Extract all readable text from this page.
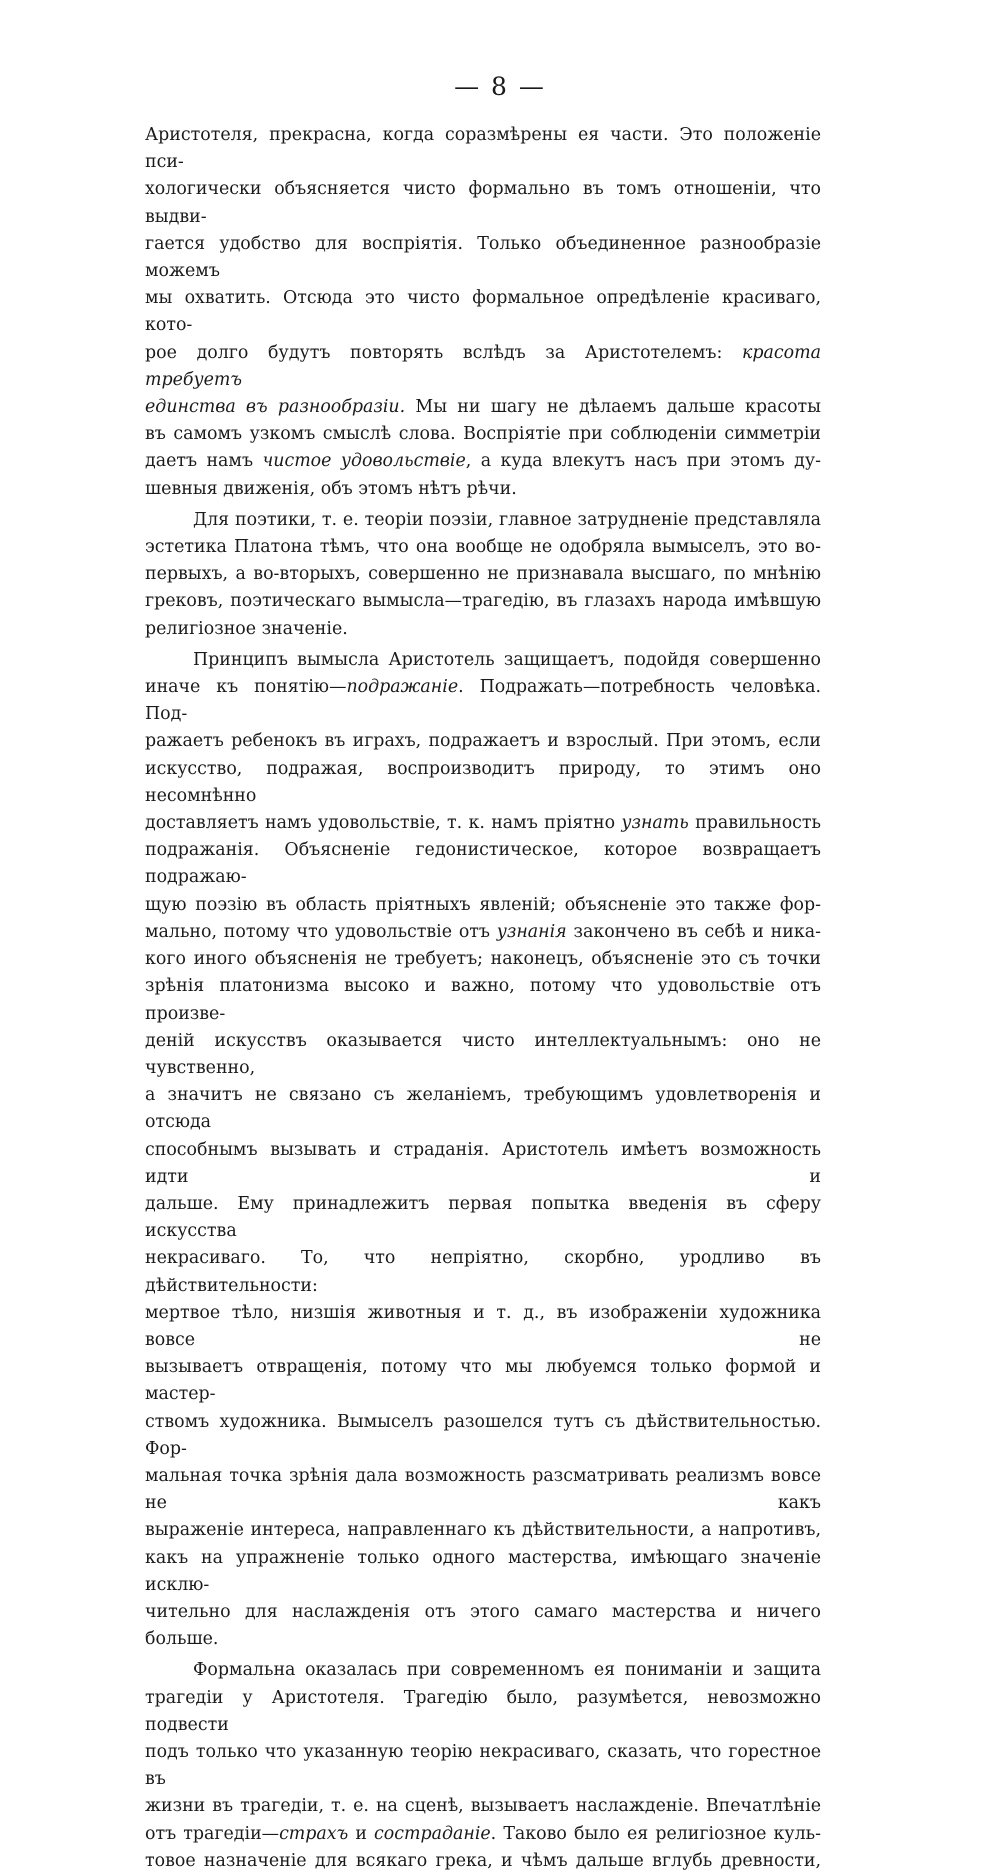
— 8 —

Аристотеля, прекрасна, когда соразмѣрены ея части. Это положеніе пси-

хологически объясняется чисто формально въ томъ отношеніи, что выдви-

гается удобство для воспріятія. Только объединенное разнообразіе можемъ

мы охватить. Отсюда это чисто формальное опредѣленіе красиваго, кото-

рое долго будутъ повторять вслѣдъ за Аристотелемъ: красота требуетъ

единства въ разнообразіи. Мы ни шагу не дѣлаемъ дальше красоты

въ самомъ узкомъ смыслѣ слова. Воспріятіе при соблюденіи симметріи

даетъ намъ чистое удовольствіе, а куда влекутъ насъ при этомъ ду-

шевныя движенія, объ этомъ нѣтъ рѣчи.

Для поэтики, т. е. теоріи поэзіи, главное затрудненіе представляла

эстетика Платона тѣмъ, что она вообще не одобряла вымыселъ, это во-

первыхъ, а во-вторыхъ, совершенно не признавала высшаго, по мнѣнію

грековъ, поэтическаго вымысла—трагедію, въ глазахъ народа имѣвшую

религіозное значеніе.

Принципъ вымысла Аристотель защищаетъ, подойдя совершенно

иначе къ понятію—подражаніе. Подражать—потребность человѣка. Под-

ражаетъ ребенокъ въ играхъ, подражаетъ и взрослый. При этомъ, если

искусство, подражая, воспроизводитъ природу, то этимъ оно несомнѣнно

доставляетъ намъ удовольствіе, т. к. намъ пріятно узнать правильность

подражанія. Объясненіе гедонистическое, которое возвращаетъ подражаю-

щую поэзію въ область пріятныхъ явленій; объясненіе это также фор-

мально, потому что удовольствіе отъ узнанія закончено въ себѣ и ника-

кого иного объясненія не требуетъ; наконецъ, объясненіе это съ точки

зрѣнія платонизма высоко и важно, потому что удовольствіе отъ произве-

деній искусствъ оказывается чисто интеллектуальнымъ: оно не чувственно,

а значитъ не связано съ желаніемъ, требующимъ удовлетворенія и отсюда

способнымъ вызывать и страданія. Аристотель имѣетъ возможность идти и

дальше. Ему принадлежитъ первая попытка введенія въ сферу искусства

некрасиваго. То, что непріятно, скорбно, уродливо въ дѣйствительности:

мертвое тѣло, низшія животныя и т. д., въ изображеніи художника вовсе не

вызываетъ отвращенія, потому что мы любуемся только формой и мастер-

ствомъ художника. Вымыселъ разошелся тутъ съ дѣйствительностью. Фор-

мальная точка зрѣнія дала возможность разсматривать реализмъ вовсе не какъ

выраженіе интереса, направленнаго къ дѣйствительности, а напротивъ,

какъ на упражненіе только одного мастерства, имѣющаго значеніе исклю-

чительно для наслажденія отъ этого самаго мастерства и ничего больше.

Формальна оказалась при современномъ ея пониманіи и защита

трагедіи у Аристотеля. Трагедію было, разумѣется, невозможно подвести

подъ только что указанную теорію некрасиваго, сказать, что горестное въ

жизни въ трагедіи, т. е. на сценѣ, вызываетъ наслажденіе. Впечатлѣніе

отъ трагедіи—страхъ и состраданіе. Таково было ея религіозное куль-

товое назначеніе для всякаго грека, и чѣмъ дальше вглубь древности,
